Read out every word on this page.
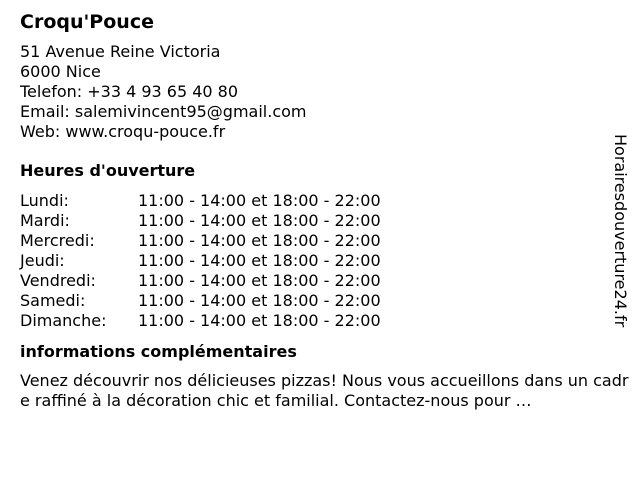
Croqu'Pouce
51 Avenue Reine Victoria
6000 Nice
Telefon: +33 4 93 65 40 80
Email: salemivincent95@gmail.com
Web: www.croqu-pouce.fr
Heures d'ouverture
Lundi:	11:00 - 14:00 et 18:00 - 22:00
Mardi:	11:00 - 14:00 et 18:00 - 22:00
Mercredi:	11:00 - 14:00 et 18:00 - 22:00
Jeudi:	11:00 - 14:00 et 18:00 - 22:00
Vendredi:	11:00 - 14:00 et 18:00 - 22:00
Samedi:	11:00 - 14:00 et 18:00 - 22:00
Dimanche:	11:00 - 14:00 et 18:00 - 22:00
informations complémentaires
Venez découvrir nos délicieuses pizzas! Nous vous accueillons dans un cadre raffiné à la décoration chic et familial. Contactez-nous pour …
Horairesdouverture24.fr
